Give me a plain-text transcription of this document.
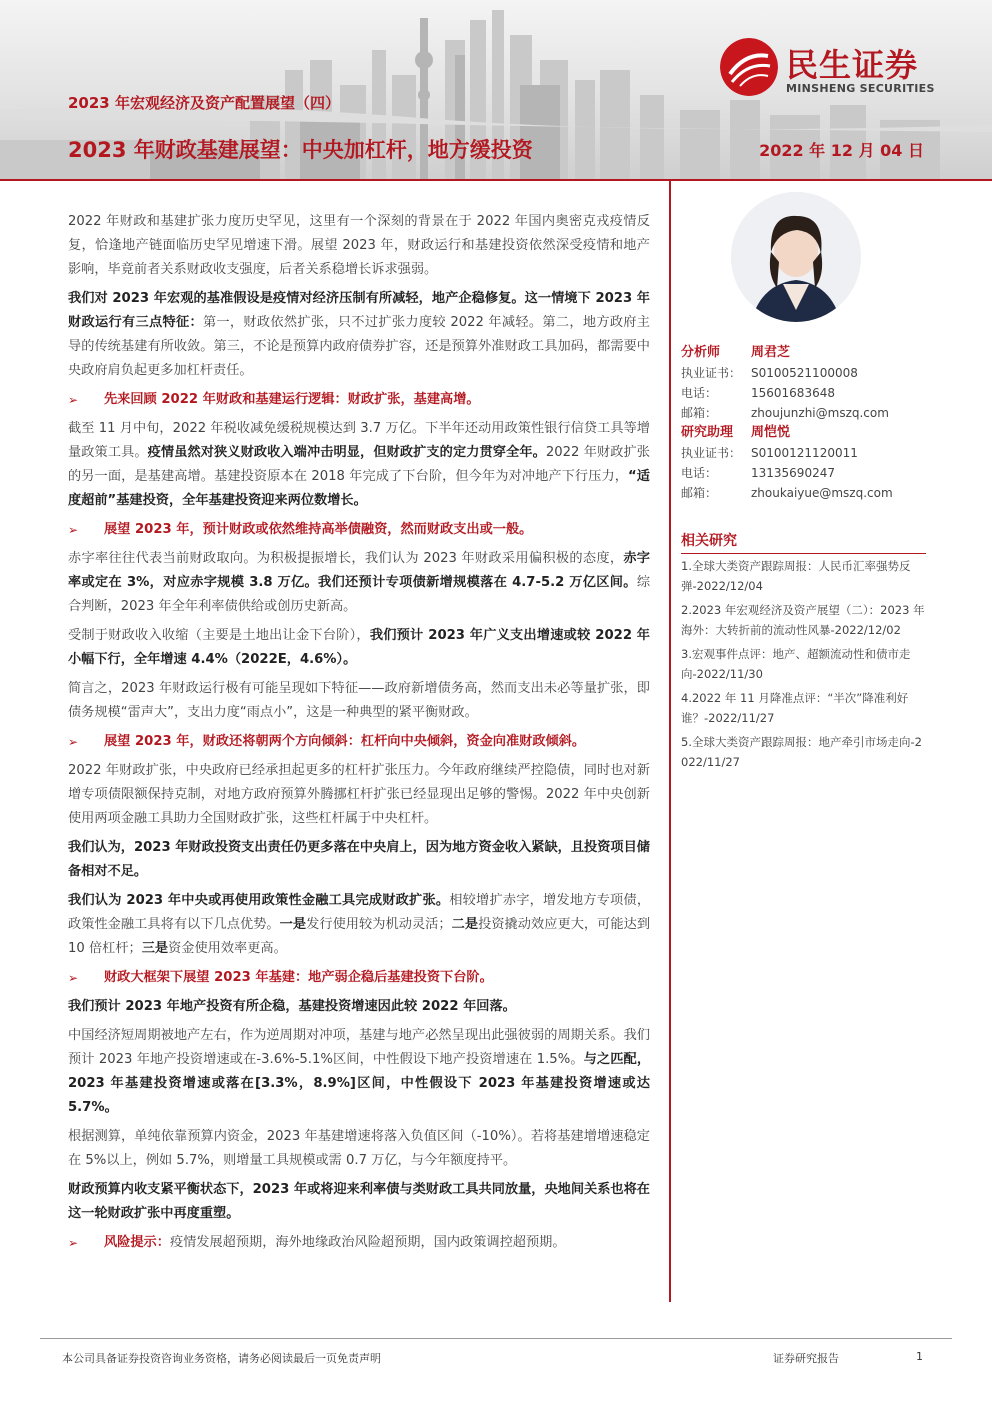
2023 年宏观经济及资产配置展望（四）
2023 年财政基建展望：中央加杠杆，地方缓投资	2022 年 12 月 04 日
民生证券
MINSHENG SECURITIES

2022 年财政和基建扩张力度历史罕见，这里有一个深刻的背景在于 2022 年国内奥密克戎疫情反复，恰逢地产链面临历史罕见增速下滑。展望 2023 年，财政运行和基建投资依然深受疫情和地产影响，毕竟前者关系财政收支强度，后者关系稳增长诉求强弱。

我们对 2023 年宏观的基准假设是疫情对经济压制有所减轻，地产企稳修复。这一情境下 2023 年财政运行有三点特征：第一，财政依然扩张，只不过扩张力度较 2022 年减轻。第二，地方政府主导的传统基建有所收敛。第三，不论是预算内政府债券扩容，还是预算外准财政工具加码，都需要中央政府肩负起更多加杠杆责任。

➢	先来回顾 2022 年财政和基建运行逻辑：财政扩张，基建高增。

截至 11 月中旬，2022 年税收减免缓税规模达到 3.7 万亿。下半年还动用政策性银行信贷工具等增量政策工具。疫情虽然对狭义财政收入端冲击明显，但财政扩支的定力贯穿全年。2022 年财政扩张的另一面，是基建高增。基建投资原本在 2018 年完成了下台阶，但今年为对冲地产下行压力，“适度超前”基建投资，全年基建投资迎来两位数增长。

➢	展望 2023 年，预计财政或依然维持高举债融资，然而财政支出或一般。

赤字率往往代表当前财政取向。为积极提振增长，我们认为 2023 年财政采用偏积极的态度，赤字率或定在 3%，对应赤字规模 3.8 万亿。我们还预计专项债新增规模落在 4.7-5.2 万亿区间。综合判断，2023 年全年利率债供给或创历史新高。

受制于财政收入收缩（主要是土地出让金下台阶），我们预计 2023 年广义支出增速或较 2022 年小幅下行，全年增速 4.4%（2022E，4.6%）。

简言之，2023 年财政运行极有可能呈现如下特征——政府新增债务高，然而支出未必等量扩张，即债务规模“雷声大”，支出力度“雨点小”，这是一种典型的紧平衡财政。

➢	展望 2023 年，财政还将朝两个方向倾斜：杠杆向中央倾斜，资金向准财政倾斜。

2022 年财政扩张，中央政府已经承担起更多的杠杆扩张压力。今年政府继续严控隐债，同时也对新增专项债限额保持克制，对地方政府预算外腾挪杠杆扩张已经显现出足够的警惕。2022 年中央创新使用两项金融工具助力全国财政扩张，这些杠杆属于中央杠杆。

我们认为，2023 年财政投资支出责任仍更多落在中央肩上，因为地方资金收入紧缺，且投资项目储备相对不足。

我们认为 2023 年中央或再使用政策性金融工具完成财政扩张。相较增扩赤字，增发地方专项债，政策性金融工具将有以下几点优势。一是发行使用较为机动灵活；二是投资撬动效应更大，可能达到 10 倍杠杆；三是资金使用效率更高。

➢	财政大框架下展望 2023 年基建：地产弱企稳后基建投资下台阶。

我们预计 2023 年地产投资有所企稳，基建投资增速因此较 2022 年回落。

中国经济短周期被地产左右，作为逆周期对冲项，基建与地产必然呈现出此强彼弱的周期关系。我们预计 2023 年地产投资增速或在-3.6%-5.1%区间，中性假设下地产投资增速在 1.5%。与之匹配，2023 年基建投资增速或落在[3.3%，8.9%]区间，中性假设下 2023 年基建投资增速或达 5.7%。

根据测算，单纯依靠预算内资金，2023 年基建增速将落入负值区间（-10%）。若将基建增增速稳定在 5%以上，例如 5.7%，则增量工具规模或需 0.7 万亿，与今年额度持平。

财政预算内收支紧平衡状态下，2023 年或将迎来利率债与类财政工具共同放量，央地间关系也将在这一轮财政扩张中再度重塑。

➢	风险提示：疫情发展超预期，海外地缘政治风险超预期，国内政策调控超预期。
分析师	周君芝
执业证书： S0100521100008
电话：	15601683648
邮箱：	zhoujunzhi@mszq.com
研究助理	周恺悦
执业证书： S0100121120011
电话：	13135690247
邮箱：	zhoukaiyue@mszq.com
相关研究
1.全球大类资产跟踪周报：人民币汇率强势反弹-2022/12/04
2.2023 年宏观经济及资产展望（二）：2023 年海外：大转折前的流动性风暴-2022/12/02
3.宏观事件点评：地产、超额流动性和债市走向-2022/11/30
4.2022 年 11 月降准点评：“半次”降准利好谁？-2022/11/27
5.全球大类资产跟踪周报：地产牵引市场走向-2022/11/27
本公司具备证券投资咨询业务资格，请务必阅读最后一页免责声明	证券研究报告	1
